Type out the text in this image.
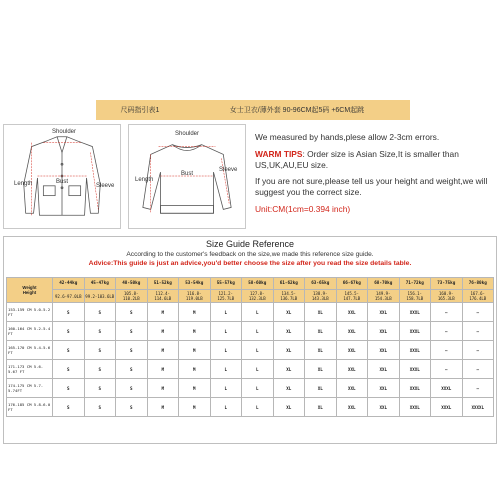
尺码指引表1	女士卫衣/薄外套 90-96CM起5码 +6CM起跳
Shoulder
Length	Bust
Sleeve
Shoulder
Length
Bust
Sleeve

We measured by hands,plese allow 2-3cm errors.

WARM TIPS: Order size is Asian Size,It is smaller than US,UK,AU,EU size.

If you are not sure,please tell us your height and weight,we will suggest you the correct size.

Unit:CM(1cm=0.394 inch)

Size Guide Reference
According to the customer's feedback on the size,we made this reference size guide.
Advice:This guide is just an advice,you'd better choose the size after you read the size details table.
Weight
Height	42-44kg	45-47kg	48-50kg	51-52kg	53-54kg	55-57kg	58-60kg	61-62kg	63-65kg	66-67kg	68-70kg	71-72kg	73-75kg	76-80kg
	92.6-97.0LB	99.2-103.6LB	105.8-110.2LB	112.4-114.6LB	116.8-119.0LB	121.2-125.7LB	127.8-132.3LB	134.5-136.7LB	138.9-143.3LB	145.5-147.7LB	149.9-154.3LB	156.1-158.7LB	160.9-165.3LB	167.6-176.4LB
153-159 CM 5.0-5.2 FT	S	S	S	M	M	L	L	XL	XL	XXL	XXL	XXXL	—	—
160-164 CM 5.2-5.4 FT	S	S	S	M	M	L	L	XL	XL	XXL	XXL	XXXL	—	—
165-170 CM 5.4-5.6 FT	S	S	S	M	M	L	L	XL	XL	XXL	XXL	XXXL	—	—
171-173 CM 5.6-5.67 FT	S	S	S	M	M	L	L	XL	XL	XXL	XXL	XXXL	—	—
174-175 CM 5.7-5.74FT	S	S	S	M	M	L	L	XL	XL	XXL	XXL	XXXL	XXXL	—
176-185 CM 5.8-6.0 FT	S	S	S	M	M	L	L	XL	XL	XXL	XXL	XXXL	XXXL	XXXXL
